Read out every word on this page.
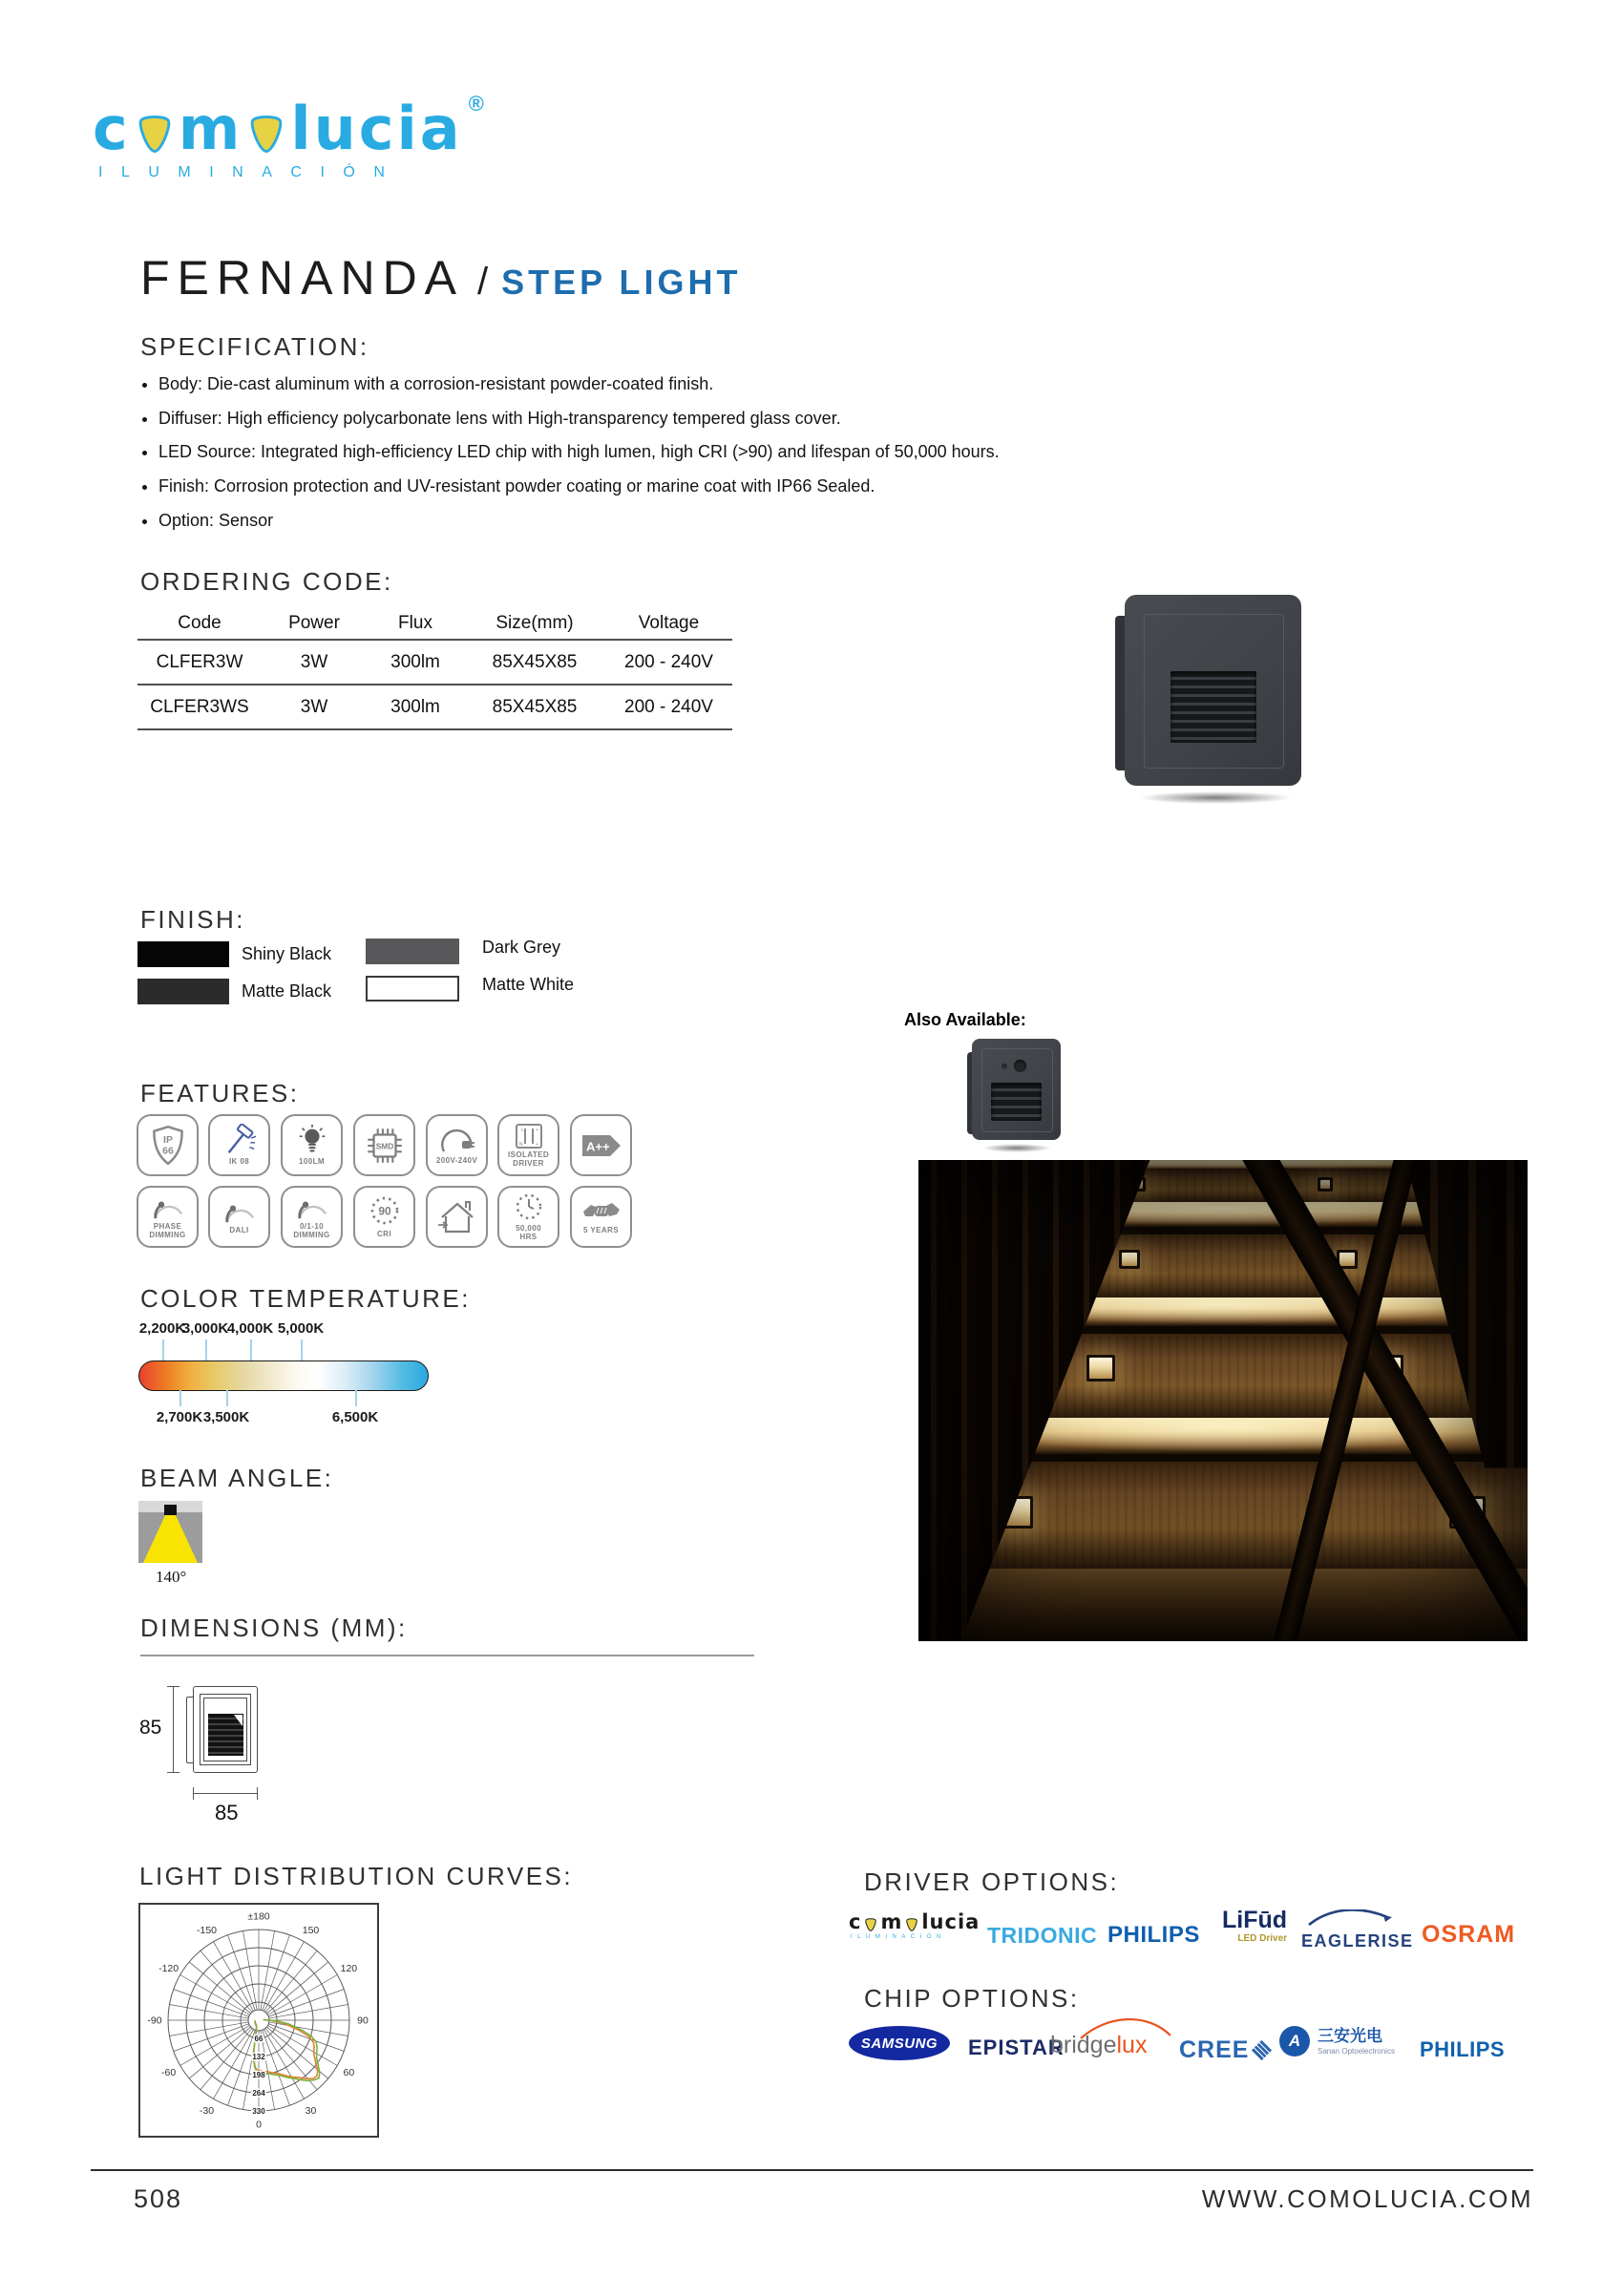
c m lucia ®
ILUMINACIÓN
FERNANDA / STEP LIGHT
SPECIFICATION:
• Body: Die-cast aluminum with a corrosion-resistant powder-coated finish.
• Diffuser: High efficiency polycarbonate lens with High-transparency tempered glass cover.
• LED Source: Integrated high-efficiency LED chip with high lumen, high CRI (>90) and lifespan of 50,000 hours.
• Finish: Corrosion protection and UV-resistant powder coating or marine coat with IP66 Sealed.
• Option: Sensor
ORDERING CODE:
Code	Power	Flux	Size(mm)	Voltage
CLFER3W	3W	300lm	85X45X85	200 - 240V
CLFER3WS	3W	300lm	85X45X85	200 - 240V
FINISH:
Shiny Black
Matte Black
Dark Grey
Matte White
Also Available:
FEATURES:
IP
66
IK 08	100LM
SMD
200V-240V
L +
N	+
ISOLATED
DRIVER
A++
PHASE
DIMMING
DALI
0/1-10
DIMMING
90
CRI
50,000
HRS
5 YEARS
COLOR TEMPERATURE:
2,200K
3,000K
4,000K 5,000K
2,700K 3,500K	6,500K
BEAM ANGLE:
140°
DIMENSIONS (MM):
85
85
LIGHT DISTRIBUTION CURVES:
±180
150
120
90
60
30
0
-30
-60
-90
-120
-150
66
132
198
264
330
DRIVER OPTIONS:
c m lucia
ILUMINACIÓN	TRIDONIC PHILIPS
LiFūd
LED Driver EAGLERISE OSRAM
CHIP OPTIONS:
SAMSUNG EPISTAR
bridgelux CREE	A	三安光电
Sanan Optoelectronics PHILIPS
508	WWW.COMOLUCIA.COM
